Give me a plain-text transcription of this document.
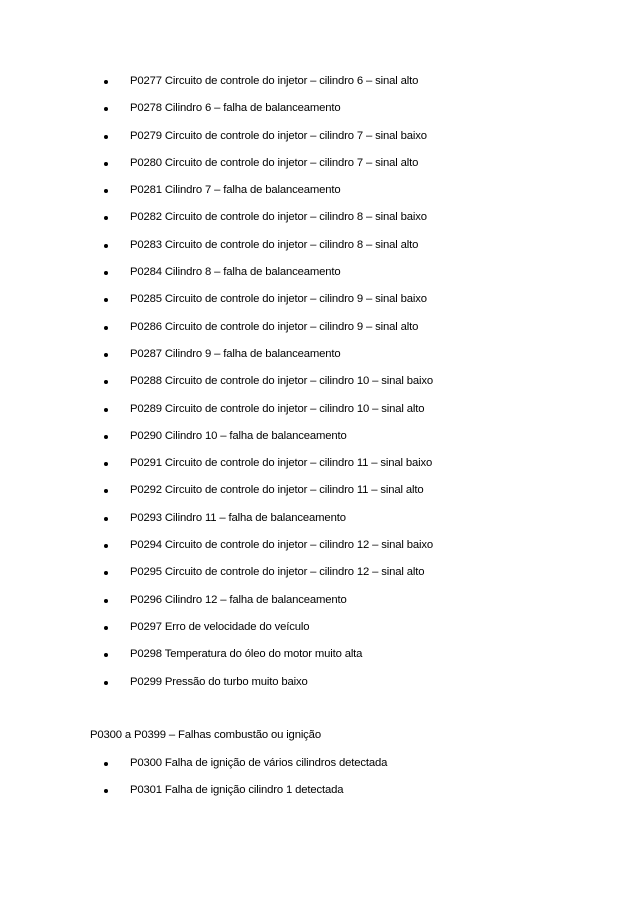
P0277 Circuito de controle do injetor – cilindro 6 – sinal alto
P0278 Cilindro 6 – falha de balanceamento
P0279 Circuito de controle do injetor – cilindro 7 – sinal baixo
P0280 Circuito de controle do injetor – cilindro 7 – sinal alto
P0281 Cilindro 7 – falha de balanceamento
P0282 Circuito de controle do injetor – cilindro 8 – sinal baixo
P0283 Circuito de controle do injetor – cilindro 8 – sinal alto
P0284 Cilindro 8 – falha de balanceamento
P0285 Circuito de controle do injetor – cilindro 9 – sinal baixo
P0286 Circuito de controle do injetor – cilindro 9 – sinal alto
P0287 Cilindro 9 – falha de balanceamento
P0288 Circuito de controle do injetor – cilindro 10 – sinal baixo
P0289 Circuito de controle do injetor – cilindro 10 – sinal alto
P0290 Cilindro 10 – falha de balanceamento
P0291 Circuito de controle do injetor – cilindro 11 – sinal baixo
P0292 Circuito de controle do injetor – cilindro 11 – sinal alto
P0293 Cilindro 11 – falha de balanceamento
P0294 Circuito de controle do injetor – cilindro 12 – sinal baixo
P0295 Circuito de controle do injetor – cilindro 12 – sinal alto
P0296 Cilindro 12 – falha de balanceamento
P0297 Erro de velocidade do veículo
P0298 Temperatura do óleo do motor muito alta
P0299 Pressão do turbo muito baixo
P0300 a P0399 – Falhas combustão ou ignição
P0300 Falha de ignição de vários cilindros detectada
P0301 Falha de ignição cilindro 1 detectada
